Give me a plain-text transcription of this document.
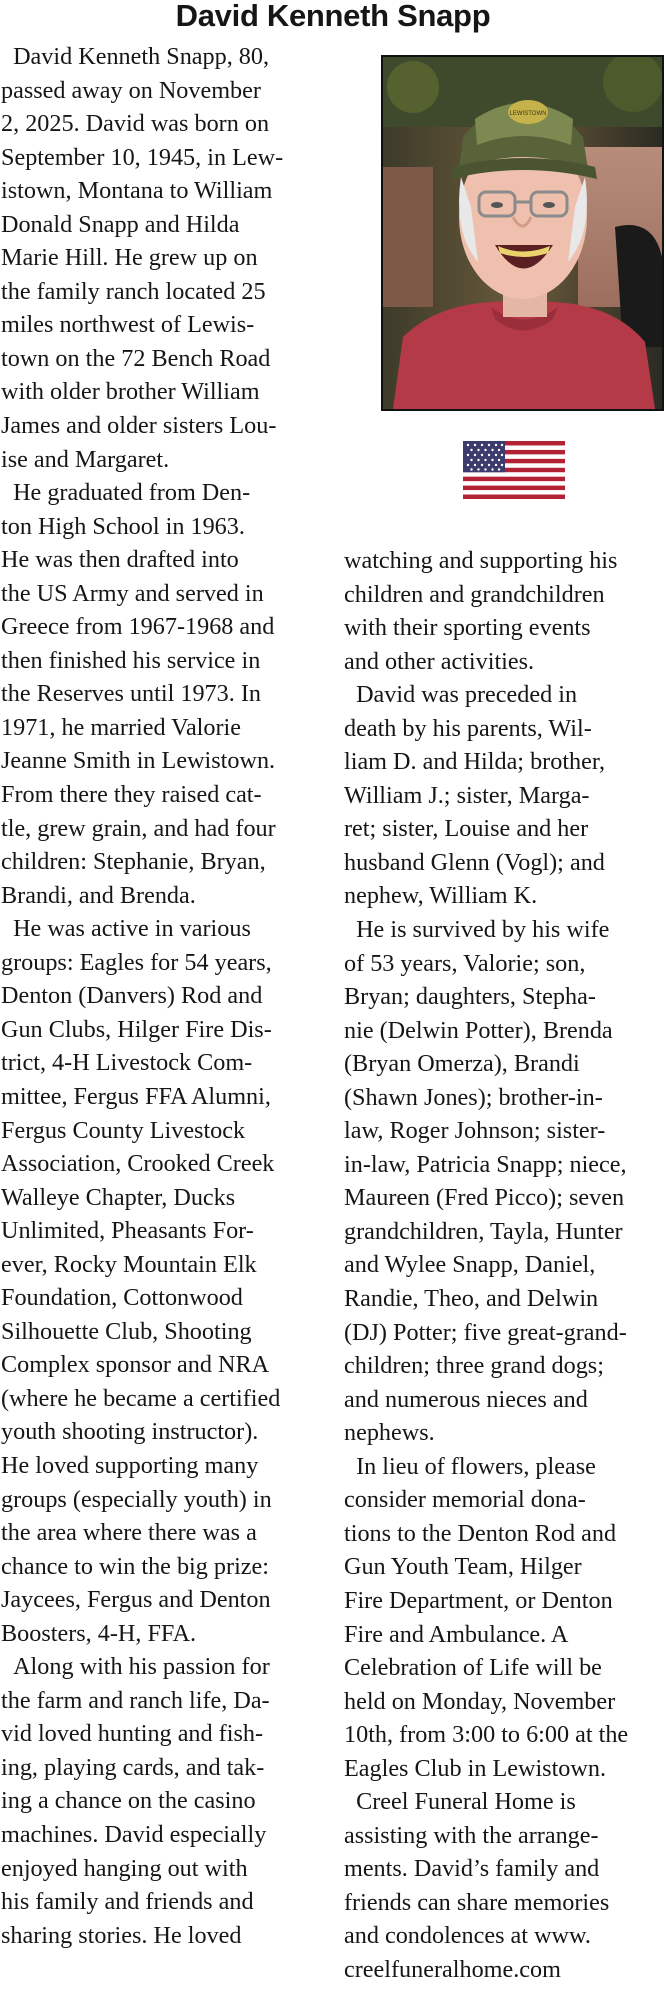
David Kenneth Snapp
David Kenneth Snapp, 80,
passed away on November
2, 2025. David was born on
September 10, 1945, in Lew-
istown, Montana to William
Donald Snapp and Hilda
Marie Hill. He grew up on
the family ranch located 25
miles northwest of Lewis-
town on the 72 Bench Road
with older brother William
James and older sisters Lou-
ise and Margaret.
He graduated from Den-
ton High School in 1963.
He was then drafted into
the US Army and served in
Greece from 1967-1968 and
then finished his service in
the Reserves until 1973. In
1971, he married Valorie
Jeanne Smith in Lewistown.
From there they raised cat-
tle, grew grain, and had four
children: Stephanie, Bryan,
Brandi, and Brenda.
He was active in various
groups: Eagles for 54 years,
Denton (Danvers) Rod and
Gun Clubs, Hilger Fire Dis-
trict, 4-H Livestock Com-
mittee, Fergus FFA Alumni,
Fergus County Livestock
Association, Crooked Creek
Walleye Chapter, Ducks
Unlimited, Pheasants For-
ever, Rocky Mountain Elk
Foundation, Cottonwood
Silhouette Club, Shooting
Complex sponsor and NRA
(where he became a certified
youth shooting instructor).
He loved supporting many
groups (especially youth) in
the area where there was a
chance to win the big prize:
Jaycees, Fergus and Denton
Boosters, 4-H, FFA.
Along with his passion for
the farm and ranch life, Da-
vid loved hunting and fish-
ing, playing cards, and tak-
ing a chance on the casino
machines. David especially
enjoyed hanging out with
his family and friends and
sharing stories. He loved
LEWISTOWN
watching and supporting his
children and grandchildren
with their sporting events
and other activities.
David was preceded in
death by his parents, Wil-
liam D. and Hilda; brother,
William J.; sister, Marga-
ret; sister, Louise and her
husband Glenn (Vogl); and
nephew, William K.
He is survived by his wife
of 53 years, Valorie; son,
Bryan; daughters, Stepha-
nie (Delwin Potter), Brenda
(Bryan Omerza), Brandi
(Shawn Jones); brother-in-
law, Roger Johnson; sister-
in-law, Patricia Snapp; niece,
Maureen (Fred Picco); seven
grandchildren, Tayla, Hunter
and Wylee Snapp, Daniel,
Randie, Theo, and Delwin
(DJ) Potter; five great-grand-
children; three grand dogs;
and numerous nieces and
nephews.
In lieu of flowers, please
consider memorial dona-
tions to the Denton Rod and
Gun Youth Team, Hilger
Fire Department, or Denton
Fire and Ambulance. A
Celebration of Life will be
held on Monday, November
10th, from 3:00 to 6:00 at the
Eagles Club in Lewistown.
Creel Funeral Home is
assisting with the arrange-
ments. David’s family and
friends can share memories
and condolences at www.
creelfuneralhome.com
